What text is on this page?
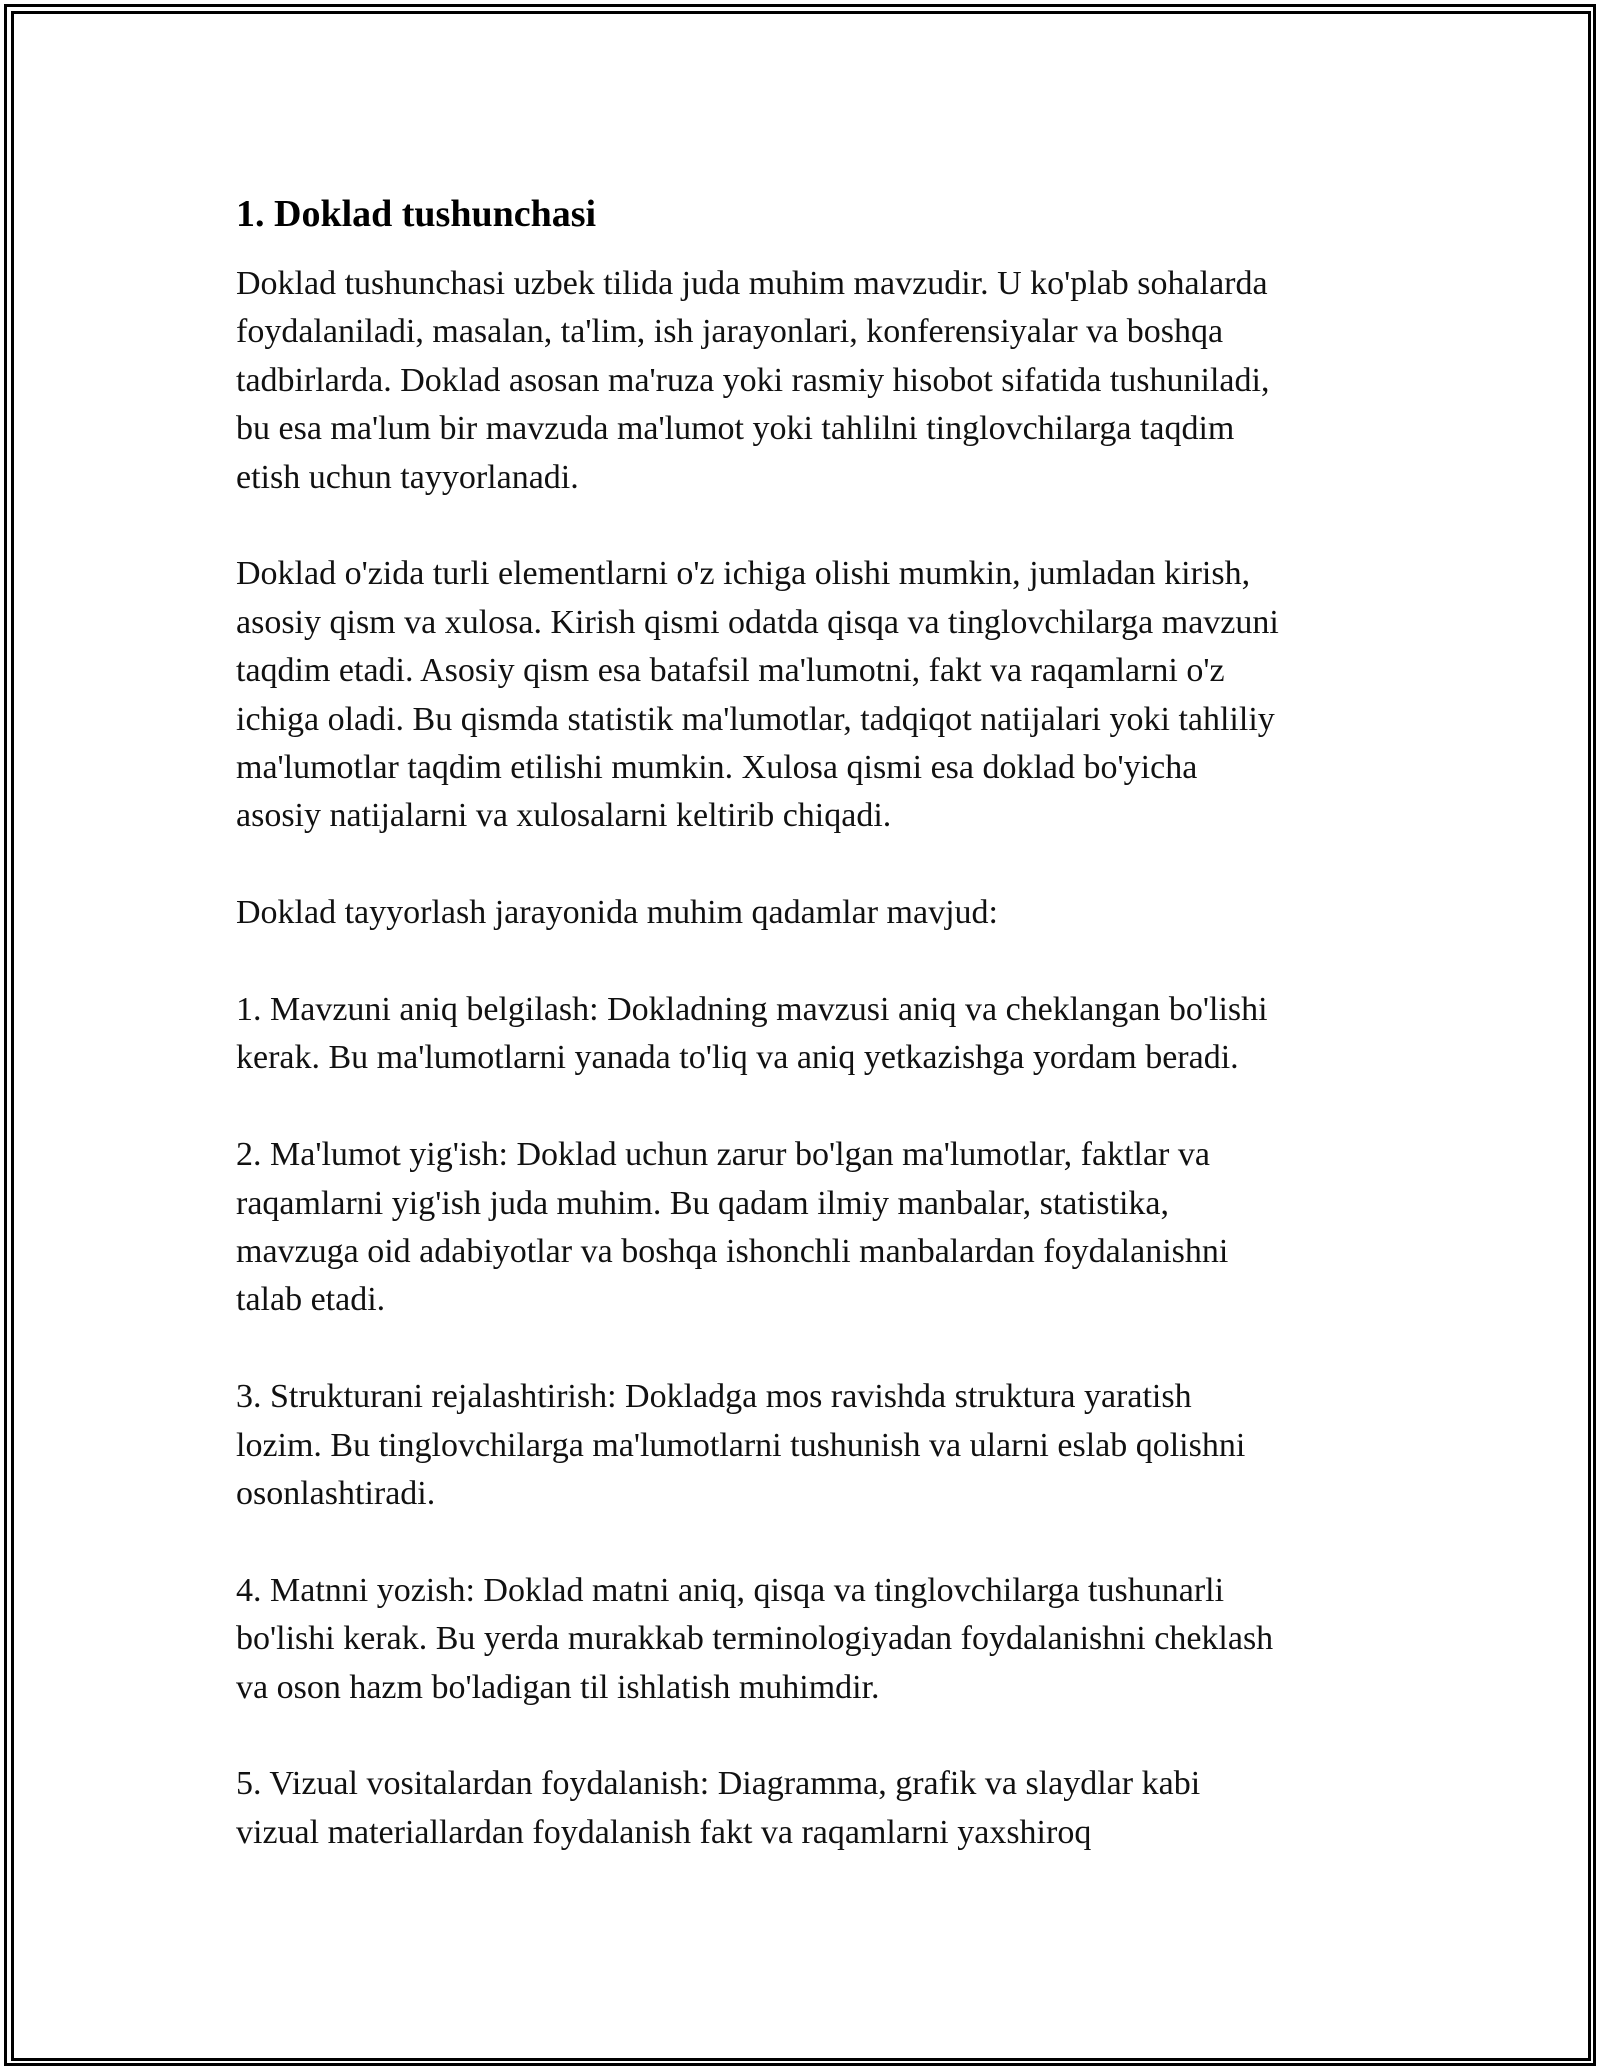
1. Doklad tushunchasi

Doklad tushunchasi uzbek tilida juda muhim mavzudir. U ko'plab sohalarda
foydalaniladi, masalan, ta'lim, ish jarayonlari, konferensiyalar va boshqa
tadbirlarda. Doklad asosan ma'ruza yoki rasmiy hisobot sifatida tushuniladi,
bu esa ma'lum bir mavzuda ma'lumot yoki tahlilni tinglovchilarga taqdim
etish uchun tayyorlanadi.

Doklad o'zida turli elementlarni o'z ichiga olishi mumkin, jumladan kirish,
asosiy qism va xulosa. Kirish qismi odatda qisqa va tinglovchilarga mavzuni
taqdim etadi. Asosiy qism esa batafsil ma'lumotni, fakt va raqamlarni o'z
ichiga oladi. Bu qismda statistik ma'lumotlar, tadqiqot natijalari yoki tahliliy
ma'lumotlar taqdim etilishi mumkin. Xulosa qismi esa doklad bo'yicha
asosiy natijalarni va xulosalarni keltirib chiqadi.

Doklad tayyorlash jarayonida muhim qadamlar mavjud:

1. Mavzuni aniq belgilash: Dokladning mavzusi aniq va cheklangan bo'lishi
kerak. Bu ma'lumotlarni yanada to'liq va aniq yetkazishga yordam beradi.

2. Ma'lumot yig'ish: Doklad uchun zarur bo'lgan ma'lumotlar, faktlar va
raqamlarni yig'ish juda muhim. Bu qadam ilmiy manbalar, statistika,
mavzuga oid adabiyotlar va boshqa ishonchli manbalardan foydalanishni
talab etadi.

3. Strukturani rejalashtirish: Dokladga mos ravishda struktura yaratish
lozim. Bu tinglovchilarga ma'lumotlarni tushunish va ularni eslab qolishni
osonlashtiradi.

4. Matnni yozish: Doklad matni aniq, qisqa va tinglovchilarga tushunarli
bo'lishi kerak. Bu yerda murakkab terminologiyadan foydalanishni cheklash
va oson hazm bo'ladigan til ishlatish muhimdir.

5. Vizual vositalardan foydalanish: Diagramma, grafik va slaydlar kabi
vizual materiallardan foydalanish fakt va raqamlarni yaxshiroq
